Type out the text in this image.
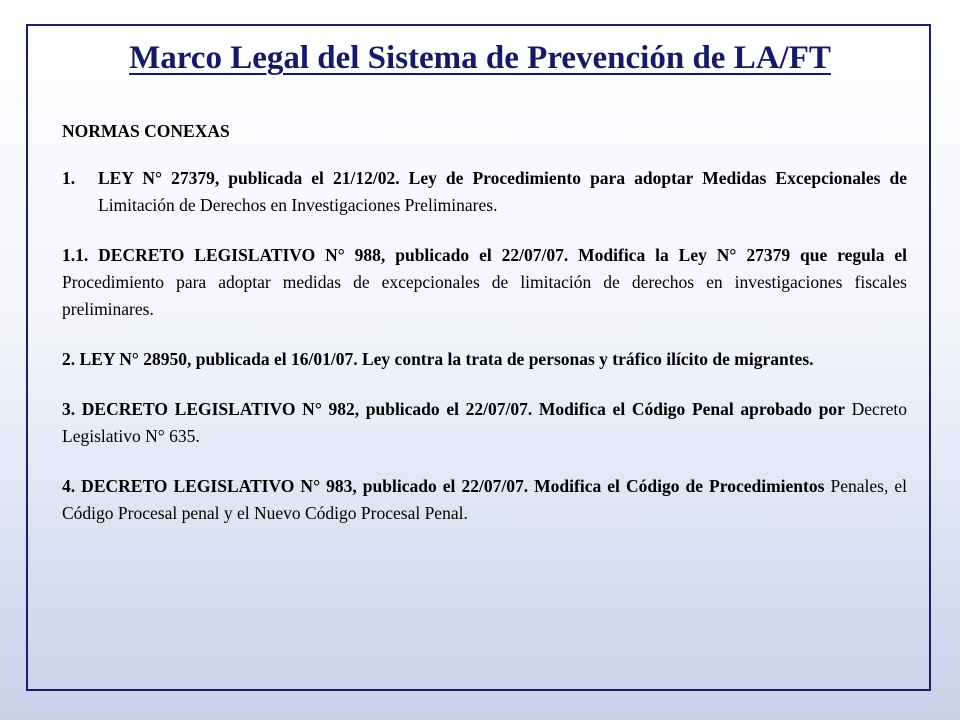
Marco Legal del Sistema de Prevención de LA/FT

NORMAS CONEXAS

1.	LEY N° 27379, publicada el 21/12/02. Ley de Procedimiento para adoptar Medidas Excepcionales de Limitación de Derechos en Investigaciones Preliminares.

1.1. DECRETO LEGISLATIVO N° 988, publicado el 22/07/07. Modifica la Ley N° 27379 que regula el Procedimiento para adoptar medidas de excepcionales de limitación de derechos en investigaciones fiscales preliminares.

2. LEY N° 28950, publicada el 16/01/07. Ley contra la trata de personas y tráfico ilícito de migrantes.

3. DECRETO LEGISLATIVO N° 982, publicado el 22/07/07. Modifica el Código Penal aprobado por Decreto Legislativo N° 635.

4. DECRETO LEGISLATIVO N° 983, publicado el 22/07/07. Modifica el Código de Procedimientos Penales, el Código Procesal penal y el Nuevo Código Procesal Penal.
